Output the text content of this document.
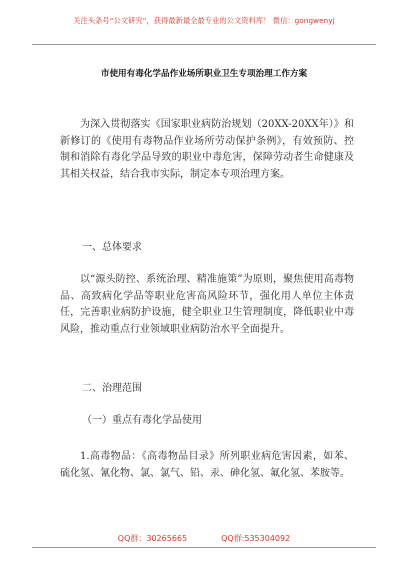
关注头条号“公文研究”，获得最新最全最专业的公文资料库！ 微信：gongwenyj
市使用有毒化学品作业场所职业卫生专项治理工作方案
为深入贯彻落实《国家职业病防治规划（20XX-20XX年）》和新修订的《使用有毒物品作业场所劳动保护条例》，有效预防、控制和消除有毒化学品导致的职业中毒危害，保障劳动者生命健康及其相关权益，结合我市实际，制定本专项治理方案。
一、总体要求
以“源头防控、系统治理、精准施策”为原则，聚焦使用高毒物品、高致病化学品等职业危害高风险环节，强化用人单位主体责任，完善职业病防护设施，健全职业卫生管理制度，降低职业中毒风险，推动重点行业领域职业病防治水平全面提升。
二、治理范围
（一）重点有毒化学品使用
1.高毒物品：《高毒物品目录》所列职业病危害因素，如苯、硫化氢、氰化物、氯、氯气、铅、汞、砷化氢、氟化氢、苯胺等。
QQ群：30265665	QQ群:535304092
